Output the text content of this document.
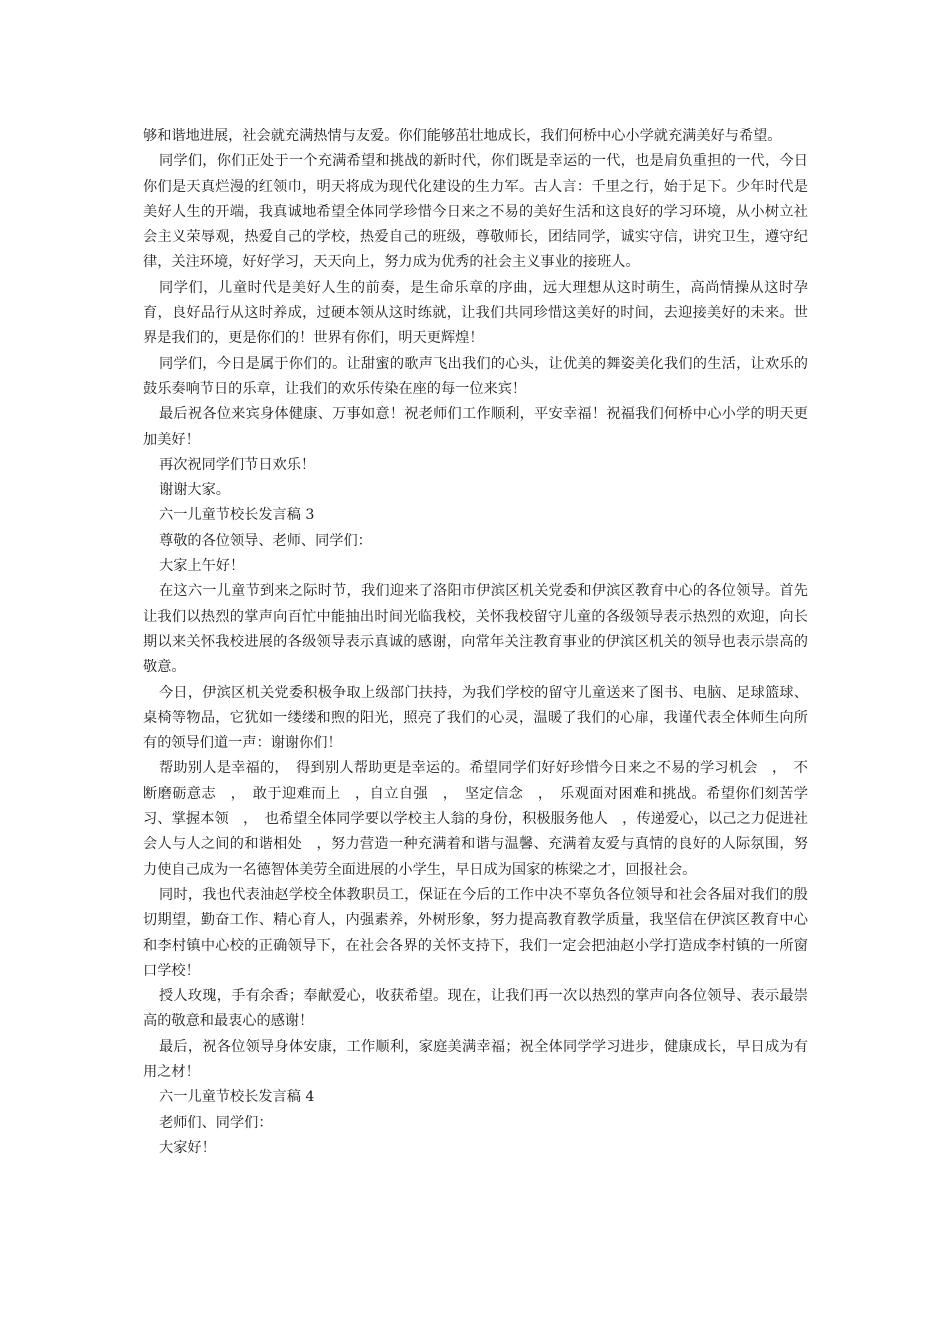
够和谐地进展，社会就充满热情与友爱。你们能够茁壮地成长，我们何桥中心小学就充满美好与希望。

同学们，你们正处于一个充满希望和挑战的新时代，你们既是幸运的一代，也是肩负重担的一代，今日你们是天真烂漫的红领巾，明天将成为现代化建设的生力军。古人言：千里之行，始于足下。少年时代是美好人生的开端，我真诚地希望全体同学珍惜今日来之不易的美好生活和这良好的学习环境，从小树立社会主义荣辱观，热爱自己的学校，热爱自己的班级，尊敬师长，团结同学，诚实守信，讲究卫生，遵守纪律，关注环境，好好学习，天天向上，努力成为优秀的社会主义事业的接班人。

同学们，儿童时代是美好人生的前奏，是生命乐章的序曲，远大理想从这时萌生，高尚情操从这时孕育，良好品行从这时养成，过硬本领从这时练就，让我们共同珍惜这美好的时间，去迎接美好的未来。世界是我们的，更是你们的！世界有你们，明天更辉煌！

同学们，今日是属于你们的。让甜蜜的歌声飞出我们的心头，让优美的舞姿美化我们的生活，让欢乐的鼓乐奏响节日的乐章，让我们的欢乐传染在座的每一位来宾！

最后祝各位来宾身体健康、万事如意！祝老师们工作顺利，平安幸福！祝福我们何桥中心小学的明天更加美好！

再次祝同学们节日欢乐！

谢谢大家。

六一儿童节校长发言稿 3

尊敬的各位领导、老师、同学们：

大家上午好！

在这六一儿童节到来之际时节，我们迎来了洛阳市伊滨区机关党委和伊滨区教育中心的各位领导。首先让我们以热烈的掌声向百忙中能抽出时间光临我校，关怀我校留守儿童的各级领导表示热烈的欢迎，向长期以来关怀我校进展的各级领导表示真诚的感谢，向常年关注教育事业的伊滨区机关的领导也表示崇高的敬意。

今日，伊滨区机关党委积极争取上级部门扶持，为我们学校的留守儿童送来了图书、电脑、足球篮球、桌椅等物品，它犹如一缕缕和煦的阳光，照亮了我们的心灵，温暖了我们的心扉，我谨代表全体师生向所有的领导们道一声：谢谢你们！

帮助别人是幸福的，　得到别人帮助更是幸运的。希望同学们好好珍惜今日来之不易的学习机会　，　不断磨砺意志　，　敢于迎难而上　，自立自强　，　坚定信念　，　乐观面对困难和挑战。希望你们刻苦学习、掌握本领　，　也希望全体同学要以学校主人翁的身份，积极服务他人　，传递爱心，以己之力促进社会人与人之间的和谐相处　，努力营造一种充满着和谐与温馨、充满着友爱与真情的良好的人际氛围，努力使自己成为一名德智体美劳全面进展的小学生，早日成为国家的栋梁之才，回报社会。

同时，我也代表油赵学校全体教职员工，保证在今后的工作中决不辜负各位领导和社会各届对我们的殷切期望，勤奋工作、精心育人，内强素养，外树形象，努力提高教育教学质量，我坚信在伊滨区教育中心和李村镇中心校的正确领导下，在社会各界的关怀支持下，我们一定会把油赵小学打造成李村镇的一所窗口学校！

授人玫瑰，手有余香；奉献爱心，收获希望。现在，让我们再一次以热烈的掌声向各位领导、表示最崇高的敬意和最衷心的感谢！

最后，祝各位领导身体安康，工作顺利，家庭美满幸福；祝全体同学学习进步，健康成长，早日成为有用之材！

六一儿童节校长发言稿 4

老师们、同学们：

大家好！
